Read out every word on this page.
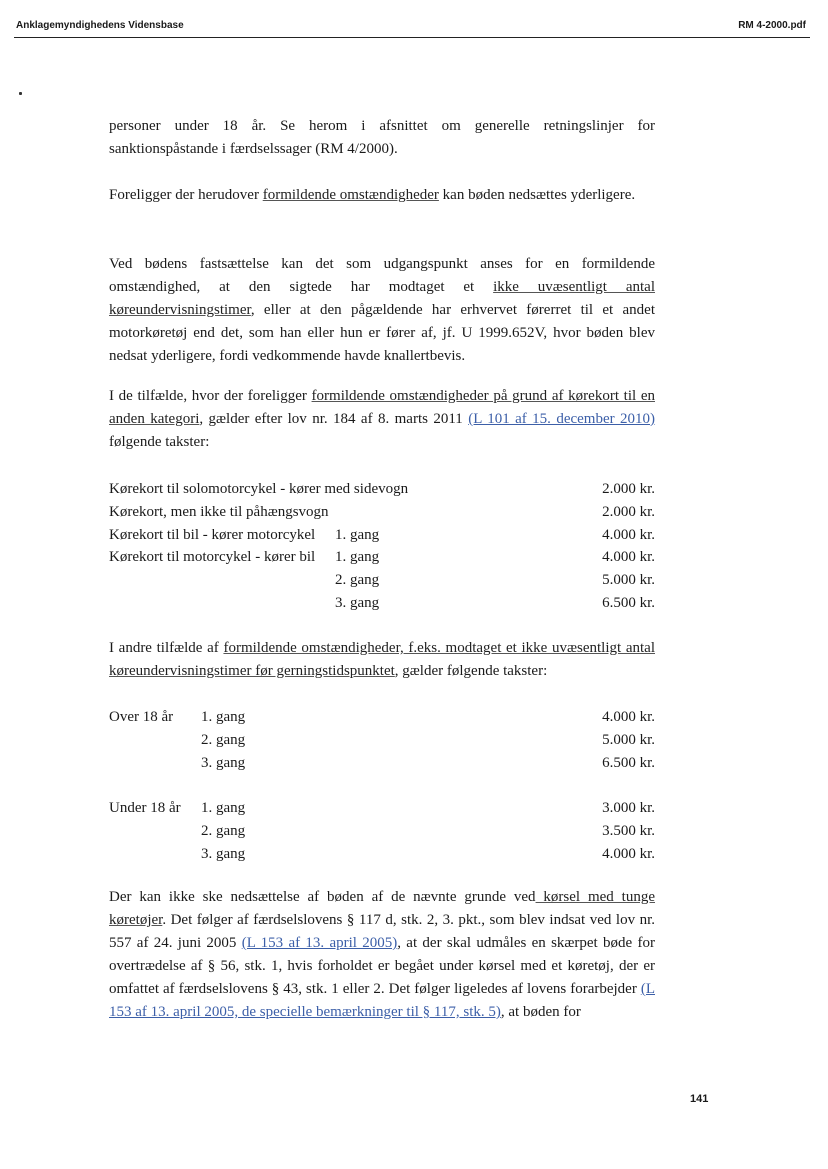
Anklagemyndighedens Vidensbase	RM 4-2000.pdf

personer under 18 år. Se herom i afsnittet om generelle retningslinjer for sanktionspåstande i færdselssager (RM 4/2000).

Foreligger der herudover formildende omstændigheder kan bøden nedsættes yderligere.

Ved bødens fastsættelse kan det som udgangspunkt anses for en formildende omstændighed, at den sigtede har modtaget et ikke uvæsentligt antal køreundervisningstimer, eller at den pågældende har erhvervet førerret til et andet motorkøretøj end det, som han eller hun er fører af, jf. U 1999.652V, hvor bøden blev nedsat yderligere, fordi vedkommende havde knallertbevis.

I de tilfælde, hvor der foreligger formildende omstændigheder på grund af kørekort til en anden kategori, gælder efter lov nr. 184 af 8. marts 2011 (L 101 af 15. december 2010) følgende takster:

Kørekort til solomotorcykel - kører med sidevogn	2.000 kr.
Kørekort, men ikke til påhængsvogn	2.000 kr.
Kørekort til bil - kører motorcykel 1. gang	4.000 kr.
Kørekort til motorcykel - kører bil 1. gang	4.000 kr.
2. gang	5.000 kr.
3. gang	6.500 kr.

I andre tilfælde af formildende omstændigheder, f.eks. modtaget et ikke uvæsentligt antal køreundervisningstimer før gerningstidspunktet, gælder følgende takster:

Over 18 år 1. gang	4.000 kr.
2. gang	5.000 kr.
3. gang	6.500 kr.
Under 18 år 1. gang	3.000 kr.
2. gang	3.500 kr.
3. gang	4.000 kr.

Der kan ikke ske nedsættelse af bøden af de nævnte grunde ved kørsel med tunge køretøjer. Det følger af færdselslovens § 117 d, stk. 2, 3. pkt., som blev indsat ved lov nr. 557 af 24. juni 2005 (L 153 af 13. april 2005), at der skal udmåles en skærpet bøde for overtrædelse af § 56, stk. 1, hvis forholdet er begået under kørsel med et køretøj, der er omfattet af færdselslovens § 43, stk. 1 eller 2. Det følger ligeledes af lovens forarbejder (L 153 af 13. april 2005, de specielle bemærkninger til § 117, stk. 5), at bøden for

141
